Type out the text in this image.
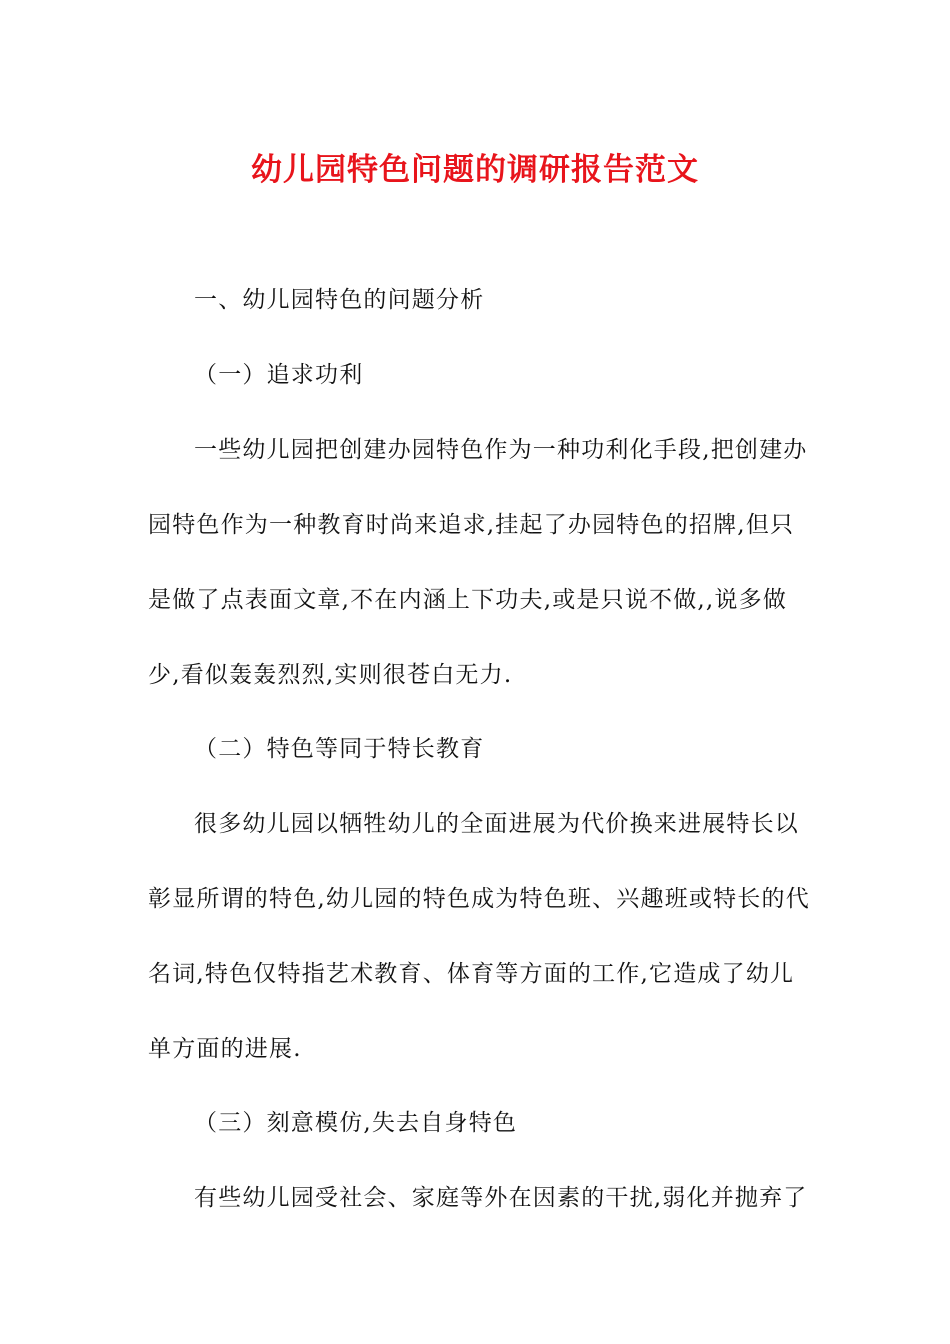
幼儿园特色问题的调研报告范文
一、幼儿园特色的问题分析
（一）追求功利
一些幼儿园把创建办园特色作为一种功利化手段,把创建办
园特色作为一种教育时尚来追求,挂起了办园特色的招牌,但只
是做了点表面文章,不在内涵上下功夫,或是只说不做,,说多做
少,看似轰轰烈烈,实则很苍白无力.
（二）特色等同于特长教育
很多幼儿园以牺牲幼儿的全面进展为代价换来进展特长以
彰显所谓的特色,幼儿园的特色成为特色班、兴趣班或特长的代
名词,特色仅特指艺术教育、体育等方面的工作,它造成了幼儿
单方面的进展.
（三）刻意模仿,失去自身特色
有些幼儿园受社会、家庭等外在因素的干扰,弱化并抛弃了
